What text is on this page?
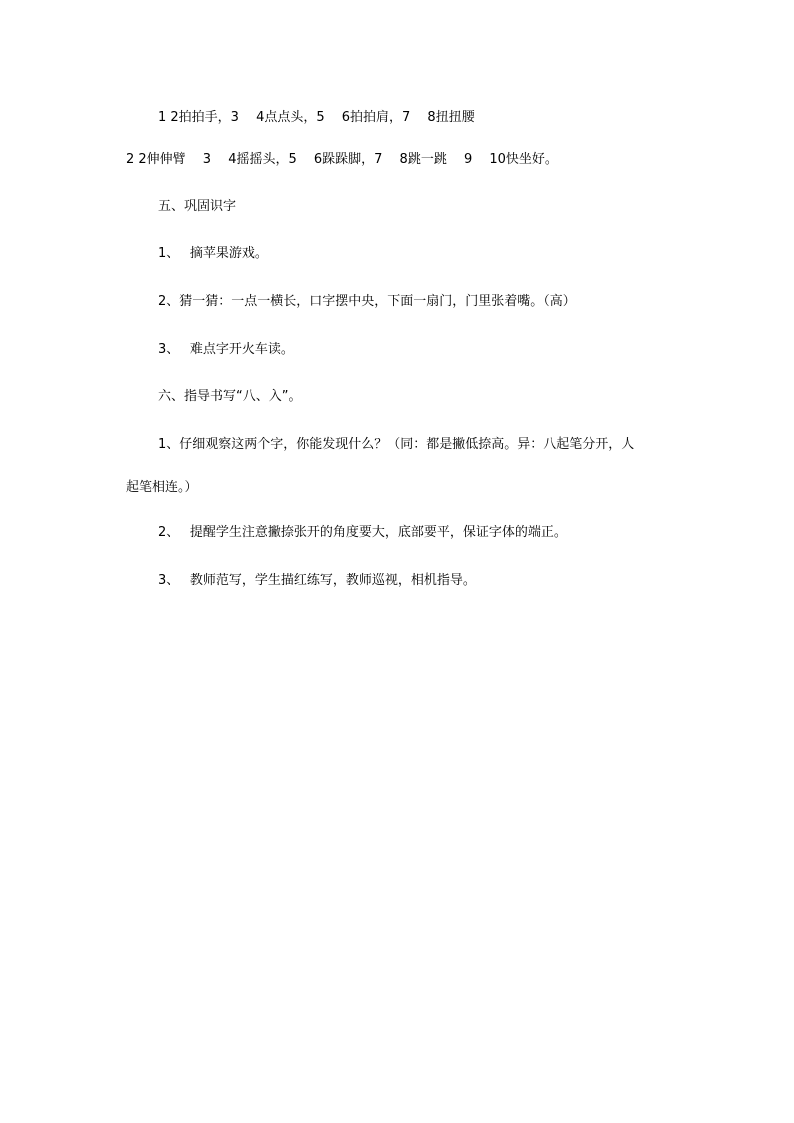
1 2拍拍手，3　 4点点头，5　 6拍拍肩，7　 8扭扭腰
2 2伸伸臂　 3　 4摇摇头，5　 6跺跺脚，7　 8跳一跳　 9　 10快坐好。
五、巩固识字
1、　 摘苹果游戏。
2、猜一猜：一点一横长，口字摆中央，下面一扇门，门里张着嘴。（高）
3、　 难点字开火车读。
六、指导书写“八、入”。
1、仔细观察这两个字，你能发现什么？（同：都是撇低捺高。异：八起笔分开，人
起笔相连。）
2、　 提醒学生注意撇捺张开的角度要大，底部要平，保证字体的端正。
3、　 教师范写，学生描红练写，教师巡视，相机指导。
